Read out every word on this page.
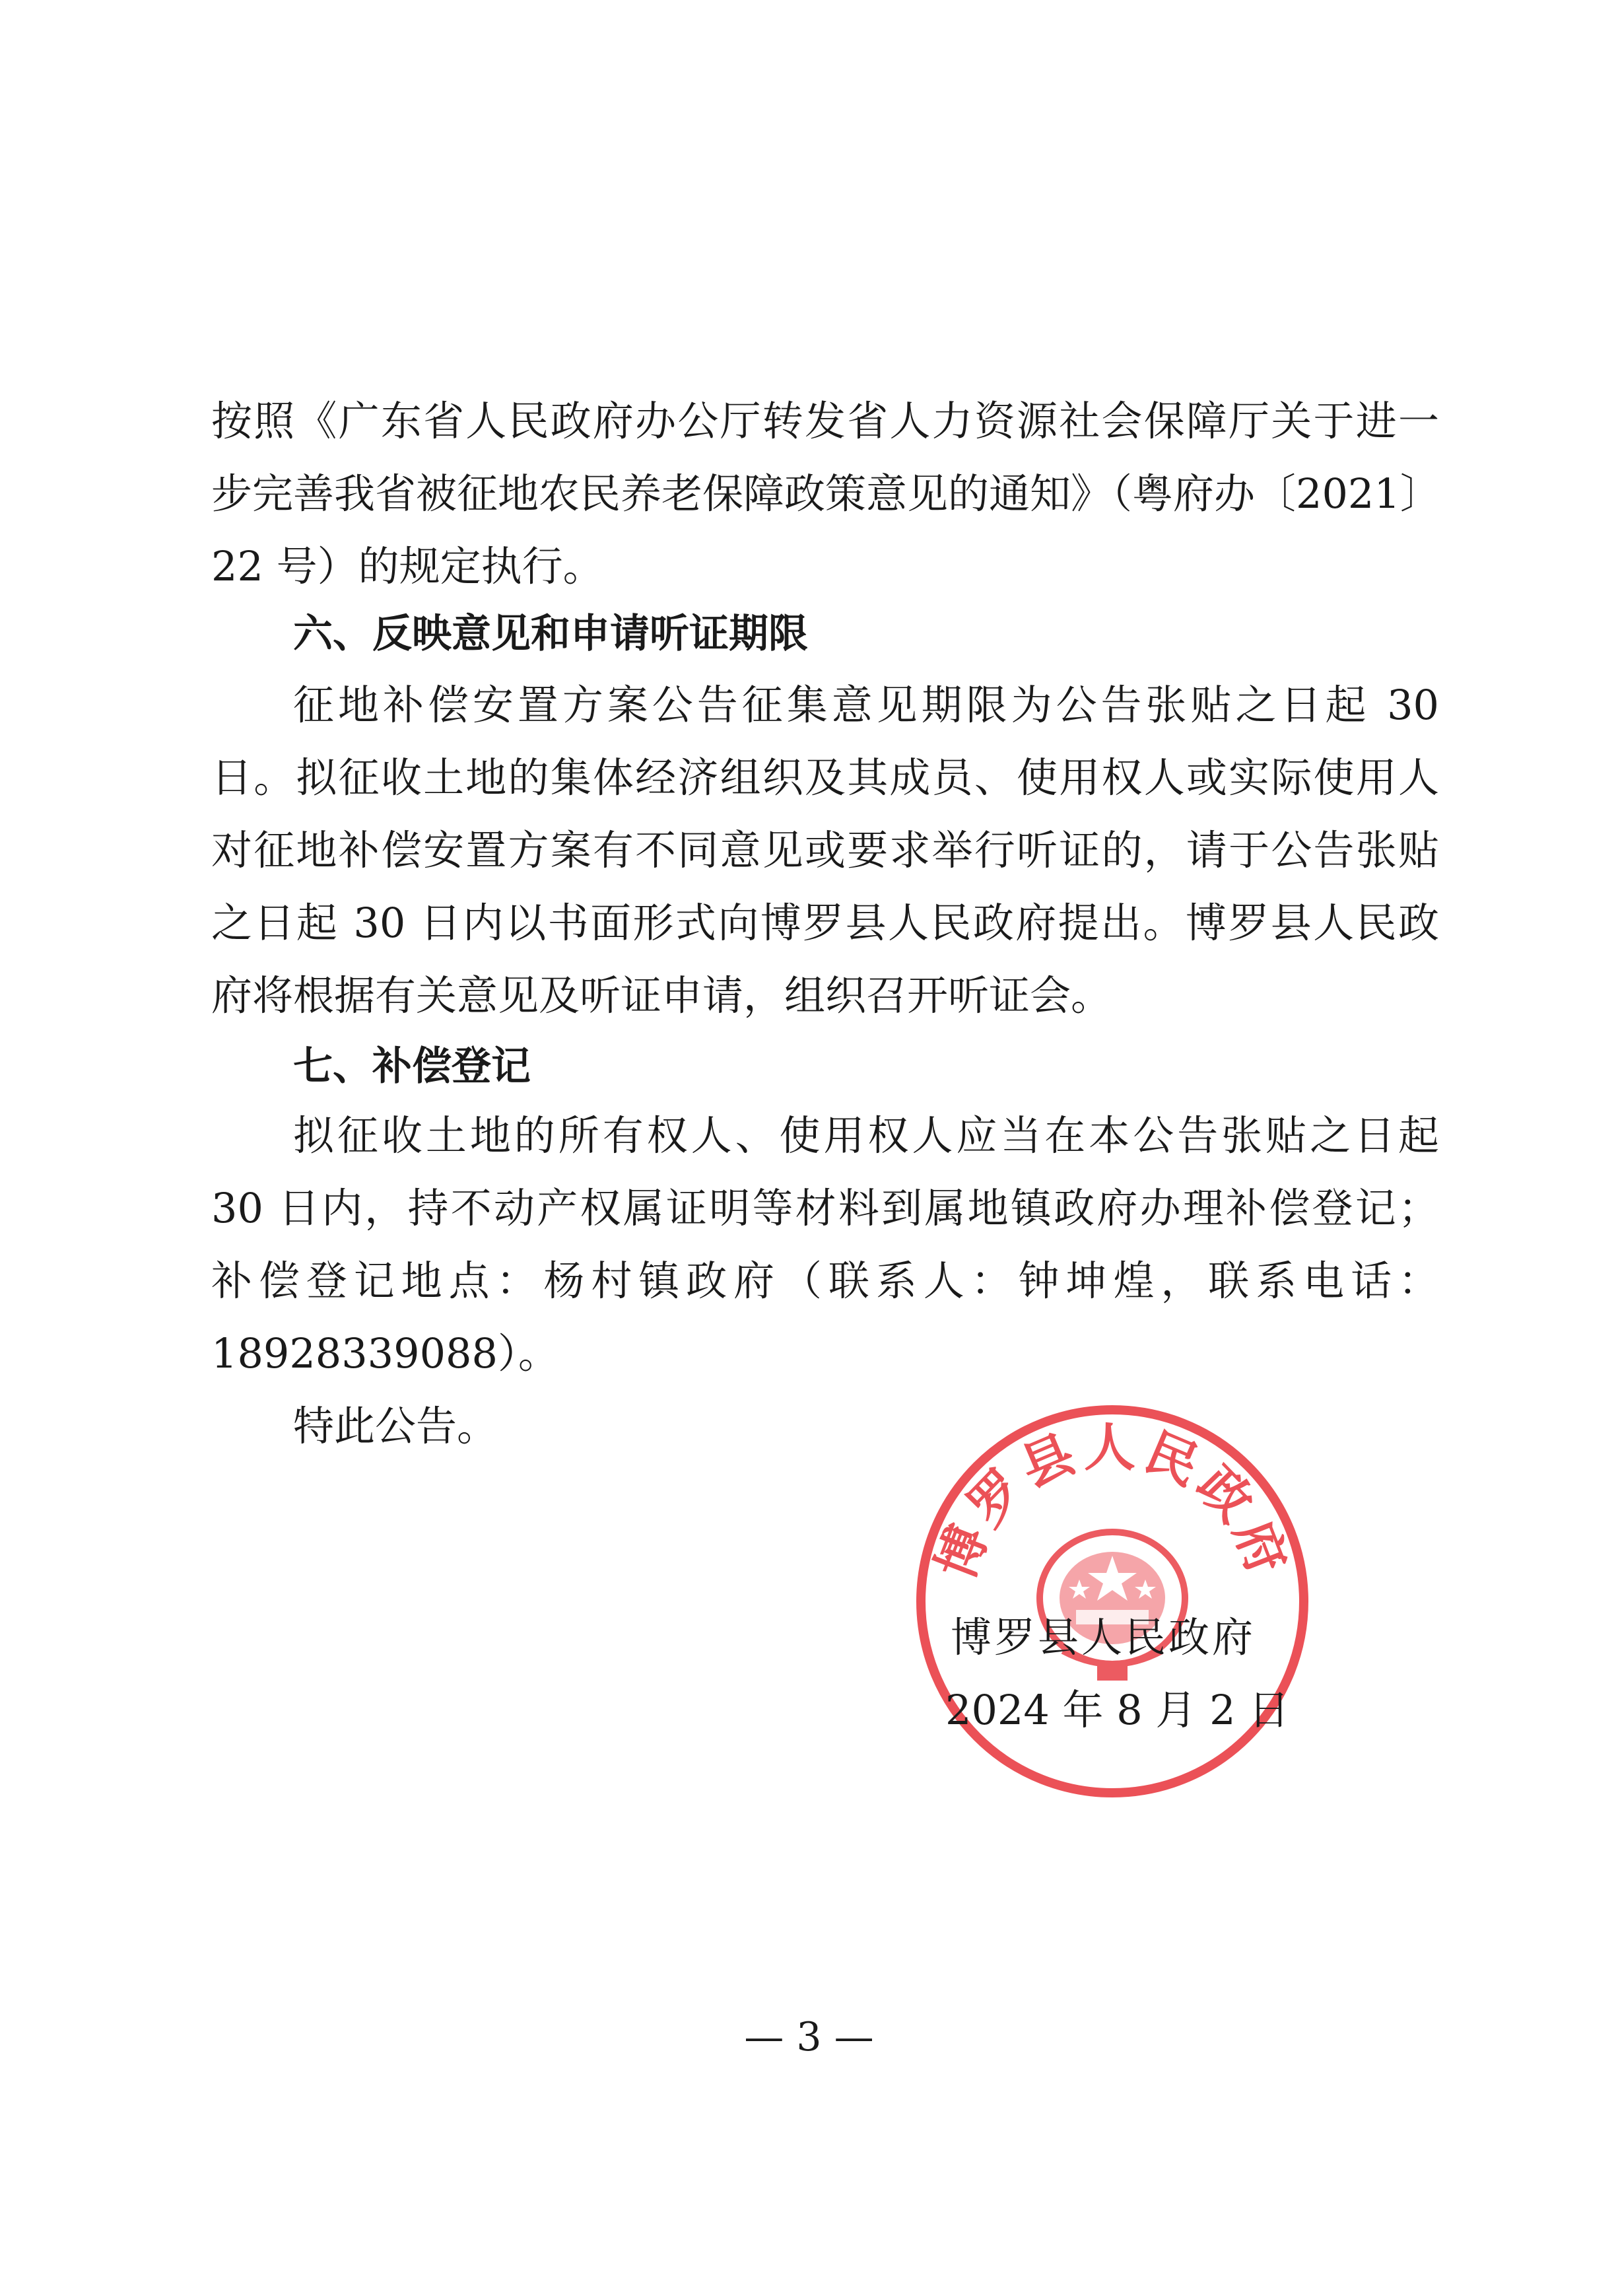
按照《广东省人民政府办公厅转发省人力资源社会保障厅关于进一
步完善我省被征地农民养老保障政策意见的通知》（粤府办〔2021〕
22 号）的规定执行。
六、反映意见和申请听证期限
征地补偿安置方案公告征集意见期限为公告张贴之日起 30
日。拟征收土地的集体经济组织及其成员、使用权人或实际使用人
对征地补偿安置方案有不同意见或要求举行听证的，请于公告张贴
之日起 30 日内以书面形式向博罗县人民政府提出。博罗县人民政
府将根据有关意见及听证申请，组织召开听证会。
七、补偿登记
拟征收土地的所有权人、使用权人应当在本公告张贴之日起
30 日内，持不动产权属证明等材料到属地镇政府办理补偿登记；
补偿登记地点：杨村镇政府（联系人：钟坤煌，联系电话：
18928339088）。
特此公告。
博罗县人民政府
博罗县人民政府
2024 年 8 月 2 日
— 3 —
